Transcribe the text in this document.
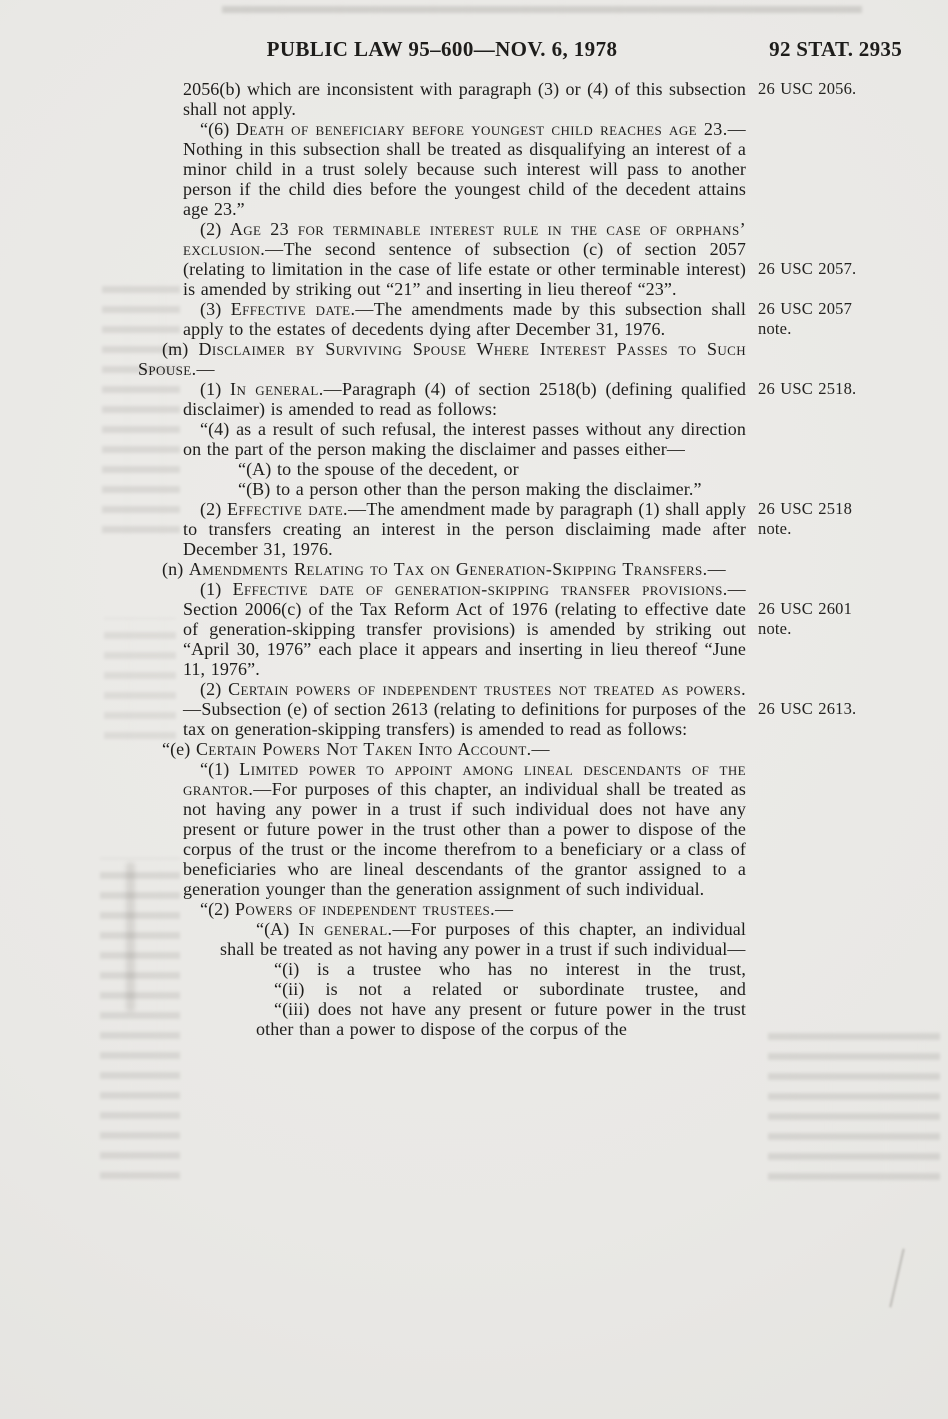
PUBLIC LAW 95–600—NOV. 6, 1978	92 STAT. 2935
2056(b) which are inconsistent with paragraph (3) or (4) of this subsection shall not apply.
26 USC 2056.
“(6) Death of beneficiary before youngest child reaches age 23.—Nothing in this subsection shall be treated as disqualifying an interest of a minor child in a trust solely because such interest will pass to another person if the child dies before the youngest child of the decedent attains age 23.”
(2) Age 23 for terminable interest rule in the case of orphans’ exclusion.—The second sentence of subsection (c) of section 2057 (relating to limitation in the case of life estate or other terminable interest) is amended by striking out “21” and inserting in lieu thereof “23”.
26 USC 2057.
(3) Effective date.—The amendments made by this subsection shall apply to the estates of decedents dying after December 31, 1976.
26 USC 2057
note.
(m) Disclaimer by Surviving Spouse Where Interest Passes to Such Spouse.—
(1) In general.—Paragraph (4) of section 2518(b) (defining qualified disclaimer) is amended to read as follows:
26 USC 2518.
“(4) as a result of such refusal, the interest passes without any direction on the part of the person making the disclaimer and passes either—
“(A) to the spouse of the decedent, or
“(B) to a person other than the person making the disclaimer.”
(2) Effective date.—The amendment made by paragraph (1) shall apply to transfers creating an interest in the person disclaiming made after December 31, 1976.
26 USC 2518
note.
(n) Amendments Relating to Tax on Generation-Skipping Transfers.—
(1) Effective date of generation-skipping transfer provisions.—Section 2006(c) of the Tax Reform Act of 1976 (relating to effective date of generation-skipping transfer provisions) is amended by striking out “April 30, 1976” each place it appears and inserting in lieu thereof “June 11, 1976”.
26 USC 2601
note.
(2) Certain powers of independent trustees not treated as powers.—Subsection (e) of section 2613 (relating to definitions for purposes of the tax on generation-skipping transfers) is amended to read as follows:
26 USC 2613.
“(e) Certain Powers Not Taken Into Account.—
“(1) Limited power to appoint among lineal descendants of the grantor.—For purposes of this chapter, an individual shall be treated as not having any power in a trust if such individual does not have any present or future power in the trust other than a power to dispose of the corpus of the trust or the income therefrom to a beneficiary or a class of beneficiaries who are lineal descendants of the grantor assigned to a generation younger than the generation assignment of such individual.
“(2) Powers of independent trustees.—
“(A) In general.—For purposes of this chapter, an individual shall be treated as not having any power in a trust if such individual—
“(i) is a trustee who has no interest in the trust,
“(ii) is not a related or subordinate trustee, and
“(iii) does not have any present or future power in the trust other than a power to dispose of the corpus of the
